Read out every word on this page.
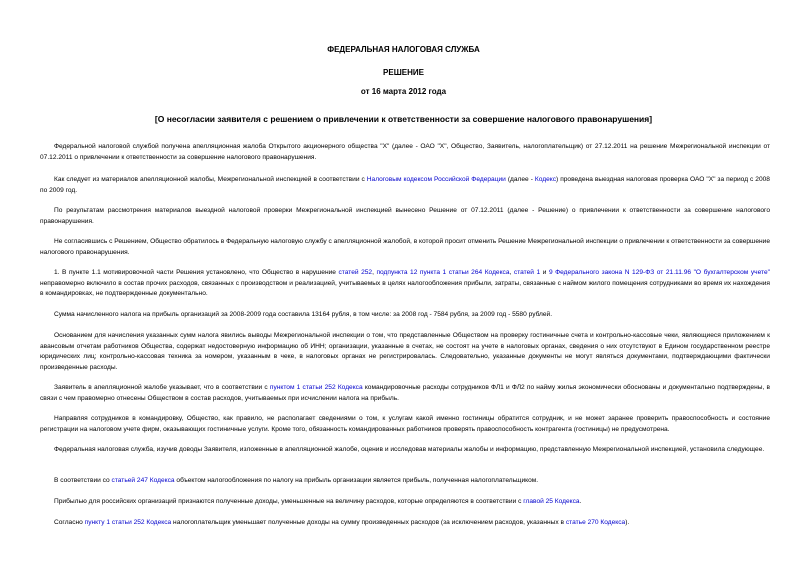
ФЕДЕРАЛЬНАЯ НАЛОГОВАЯ СЛУЖБА
РЕШЕНИЕ
от 16 марта 2012 года
[О несогласии заявителя с решением о привлечении к ответственности за совершение налогового правонарушения]

Федеральной налоговой службой получена апелляционная жалоба Открытого акционерного общества "X" (далее - ОАО "X", Общество, Заявитель, налогоплательщик) от 27.12.2011 на решение Межрегиональной инспекции от 07.12.2011 о привлечении к ответственности за совершение налогового правонарушения.

Как следует из материалов апелляционной жалобы, Межрегиональной инспекцией в соответствии с Налоговым кодексом Российской Федерации (далее - Кодекс) проведена выездная налоговая проверка ОАО "X" за период с 2008 по 2009 год.

По результатам рассмотрения материалов выездной налоговой проверки Межрегиональной инспекцией вынесено Решение от 07.12.2011 (далее - Решение) о привлечении к ответственности за совершение налогового правонарушения.

Не согласившись с Решением, Общество обратилось в Федеральную налоговую службу с апелляционной жалобой, в которой просит отменить Решение Межрегиональной инспекции о привлечении к ответственности за совершение налогового правонарушения.

1. В пункте 1.1 мотивировочной части Решения установлено, что Общество в нарушение статей 252, подпункта 12 пункта 1 статьи 264 Кодекса, статей 1 и 9 Федерального закона N 129-ФЗ от 21.11.96 "О бухгалтерском учете" неправомерно включило в состав прочих расходов, связанных с производством и реализацией, учитываемых в целях налогообложения прибыли, затраты, связанные с наймом жилого помещения сотрудниками во время их нахождения в командировках, не подтвержденные документально.

Сумма начисленного налога на прибыль организаций за 2008-2009 года составила 13164 рубля, в том числе: за 2008 год - 7584 рубля, за 2009 год - 5580 рублей.

Основанием для начисления указанных сумм налога явились выводы Межрегиональной инспекции о том, что представленные Обществом на проверку гостиничные счета и контрольно-кассовые чеки, являющиеся приложением к авансовым отчетам работников Общества, содержат недостоверную информацию об ИНН; организации, указанные в счетах, не состоят на учете в налоговых органах, сведения о них отсутствуют в Едином государственном реестре юридических лиц; контрольно-кассовая техника за номером, указанным в чеке, в налоговых органах не регистрировалась. Следовательно, указанные документы не могут являться документами, подтверждающими фактически произведенные расходы.

Заявитель в апелляционной жалобе указывает, что в соответствии с пунктом 1 статьи 252 Кодекса командировочные расходы сотрудников ФЛ1 и ФЛ2 по найму жилья экономически обоснованы и документально подтверждены, в связи с чем правомерно отнесены Обществом в состав расходов, учитываемых при исчислении налога на прибыль.

Направляя сотрудников в командировку, Общество, как правило, не располагает сведениями о том, к услугам какой именно гостиницы обратится сотрудник, и не может заранее проверить правоспособность и состояние регистрации на налоговом учете фирм, оказывающих гостиничные услуги. Кроме того, обязанность командированных работников проверять правоспособность контрагента (гостиницы) не предусмотрена.

Федеральная налоговая служба, изучив доводы Заявителя, изложенные в апелляционной жалобе, оценив и исследовав материалы жалобы и информацию, представленную Межрегиональной инспекцией, установила следующее.

В соответствии со статьей 247 Кодекса объектом налогообложения по налогу на прибыль организации является прибыль, полученная налогоплательщиком.

Прибылью для российских организаций признаются полученные доходы, уменьшенные на величину расходов, которые определяются в соответствии с главой 25 Кодекса.

Согласно пункту 1 статьи 252 Кодекса налогоплательщик уменьшает полученные доходы на сумму произведенных расходов (за исключением расходов, указанных в статье 270 Кодекса).
